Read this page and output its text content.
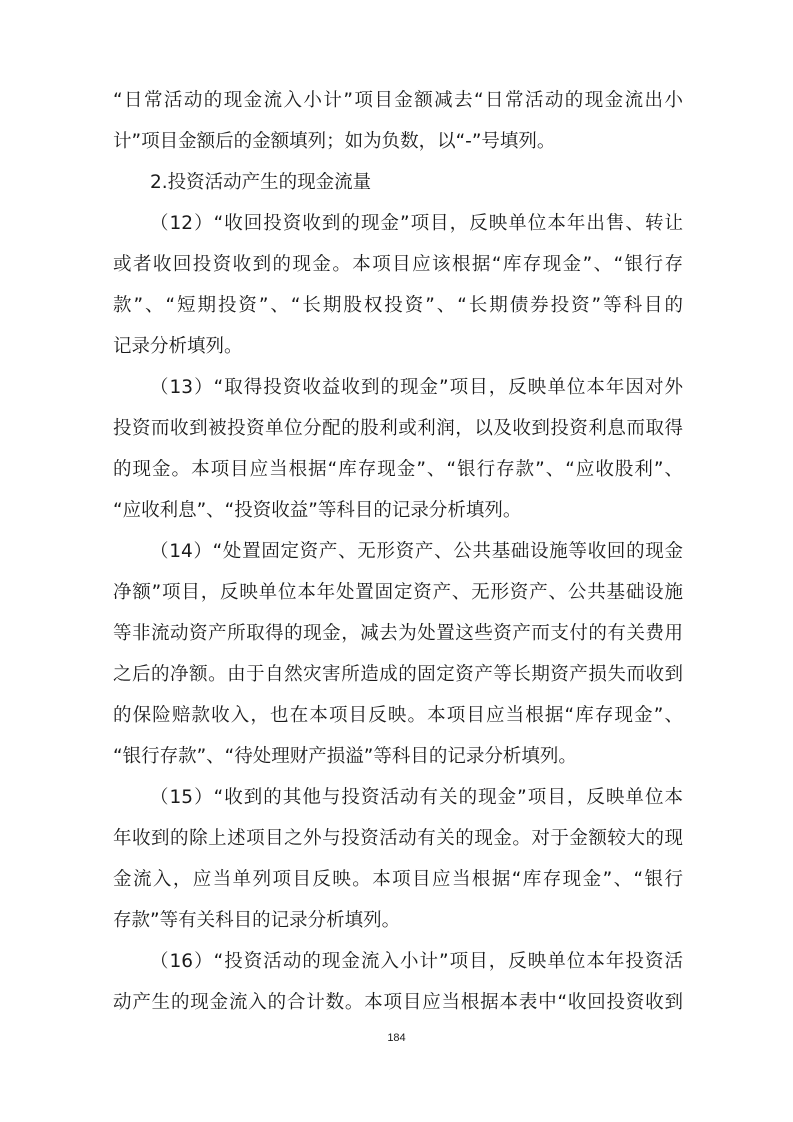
“日常活动的现金流入小计”项目金额减去“日常活动的现金流出小
计”项目金额后的金额填列；如为负数，以“-”号填列。
2.投资活动产生的现金流量
（12）“收回投资收到的现金”项目，反映单位本年出售、转让
或者收回投资收到的现金。本项目应该根据“库存现金”、“银行存
款”、“短期投资”、“长期股权投资”、“长期债券投资”等科目的
记录分析填列。
（13）“取得投资收益收到的现金”项目，反映单位本年因对外
投资而收到被投资单位分配的股利或利润，以及收到投资利息而取得
的现金。本项目应当根据“库存现金”、“银行存款”、“应收股利”、
“应收利息”、“投资收益”等科目的记录分析填列。
（14）“处置固定资产、无形资产、公共基础设施等收回的现金
净额”项目，反映单位本年处置固定资产、无形资产、公共基础设施
等非流动资产所取得的现金，减去为处置这些资产而支付的有关费用
之后的净额。由于自然灾害所造成的固定资产等长期资产损失而收到
的保险赔款收入，也在本项目反映。本项目应当根据“库存现金”、
“银行存款”、“待处理财产损溢”等科目的记录分析填列。
（15）“收到的其他与投资活动有关的现金”项目，反映单位本
年收到的除上述项目之外与投资活动有关的现金。对于金额较大的现
金流入，应当单列项目反映。本项目应当根据“库存现金”、“银行
存款”等有关科目的记录分析填列。
（16）“投资活动的现金流入小计”项目，反映单位本年投资活
动产生的现金流入的合计数。本项目应当根据本表中“收回投资收到
184
